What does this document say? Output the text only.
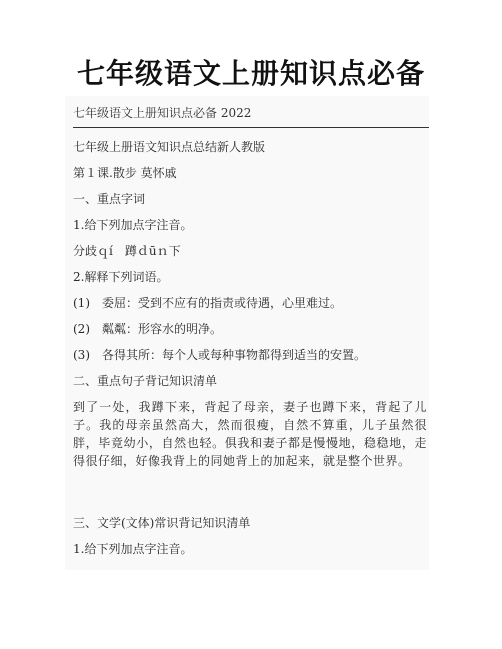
七年级语文上册知识点必备
七年级语文上册知识点必备 2022
七年级上册语文知识点总结新人教版
第１课.散步 莫怀戚
一、重点字词
1.给下列加点字注音。
分歧ｑí　蹲ｄūｎ下
2.解释下列词语。
(1)　委屈：受到不应有的指责或待遇，心里难过。
(2)　粼粼：形容水的明净。
(3)　各得其所：每个人或每种事物都得到适当的安置。
二、重点句子背记知识清单
到了一处，我蹲下来，背起了母亲，妻子也蹲下来，背起了儿子。我的母亲虽然高大，然而很瘦，自然不算重，儿子虽然很胖，毕竟幼小，自然也轻。俱我和妻子都是慢慢地，稳稳地，走得很仔细，好像我背上的同她背上的加起来，就是整个世界。
三、文学(文体)常识背记知识清单
1.给下列加点字注音。
